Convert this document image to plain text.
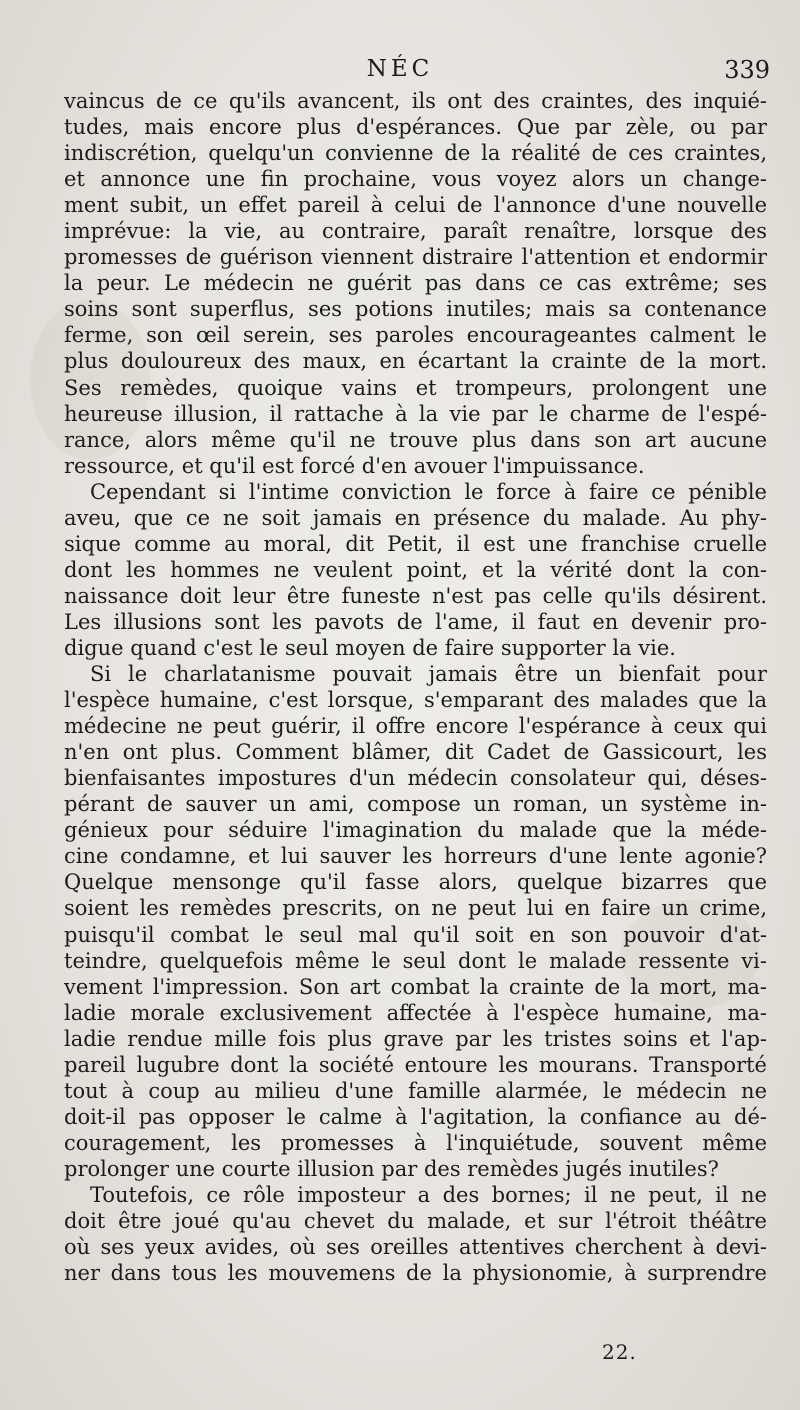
NÉC	339
vaincus de ce qu'ils avancent, ils ont des craintes, des inquié-
tudes, mais encore plus d'espérances. Que par zèle, ou par
indiscrétion, quelqu'un convienne de la réalité de ces craintes,
et annonce une fin prochaine, vous voyez alors un change-
ment subit, un effet pareil à celui de l'annonce d'une nouvelle
imprévue: la vie, au contraire, paraît renaître, lorsque des
promesses de guérison viennent distraire l'attention et endormir
la peur. Le médecin ne guérit pas dans ce cas extrême; ses
soins sont superflus, ses potions inutiles; mais sa contenance
ferme, son œil serein, ses paroles encourageantes calment le
plus douloureux des maux, en écartant la crainte de la mort.
Ses remèdes, quoique vains et trompeurs, prolongent une
heureuse illusion, il rattache à la vie par le charme de l'espé-
rance, alors même qu'il ne trouve plus dans son art aucune
ressource, et qu'il est forcé d'en avouer l'impuissance.
Cependant si l'intime conviction le force à faire ce pénible
aveu, que ce ne soit jamais en présence du malade. Au phy-
sique comme au moral, dit Petit, il est une franchise cruelle
dont les hommes ne veulent point, et la vérité dont la con-
naissance doit leur être funeste n'est pas celle qu'ils désirent.
Les illusions sont les pavots de l'ame, il faut en devenir pro-
digue quand c'est le seul moyen de faire supporter la vie.
Si le charlatanisme pouvait jamais être un bienfait pour
l'espèce humaine, c'est lorsque, s'emparant des malades que la
médecine ne peut guérir, il offre encore l'espérance à ceux qui
n'en ont plus. Comment blâmer, dit Cadet de Gassicourt, les
bienfaisantes impostures d'un médecin consolateur qui, déses-
pérant de sauver un ami, compose un roman, un système in-
génieux pour séduire l'imagination du malade que la méde-
cine condamne, et lui sauver les horreurs d'une lente agonie?
Quelque mensonge qu'il fasse alors, quelque bizarres que
soient les remèdes prescrits, on ne peut lui en faire un crime,
puisqu'il combat le seul mal qu'il soit en son pouvoir d'at-
teindre, quelquefois même le seul dont le malade ressente vi-
vement l'impression. Son art combat la crainte de la mort, ma-
ladie morale exclusivement affectée à l'espèce humaine, ma-
ladie rendue mille fois plus grave par les tristes soins et l'ap-
pareil lugubre dont la société entoure les mourans. Transporté
tout à coup au milieu d'une famille alarmée, le médecin ne
doit-il pas opposer le calme à l'agitation, la confiance au dé-
couragement, les promesses à l'inquiétude, souvent même
prolonger une courte illusion par des remèdes jugés inutiles?
Toutefois, ce rôle imposteur a des bornes; il ne peut, il ne
doit être joué qu'au chevet du malade, et sur l'étroit théâtre
où ses yeux avides, où ses oreilles attentives cherchent à devi-
ner dans tous les mouvemens de la physionomie, à surprendre
22.
